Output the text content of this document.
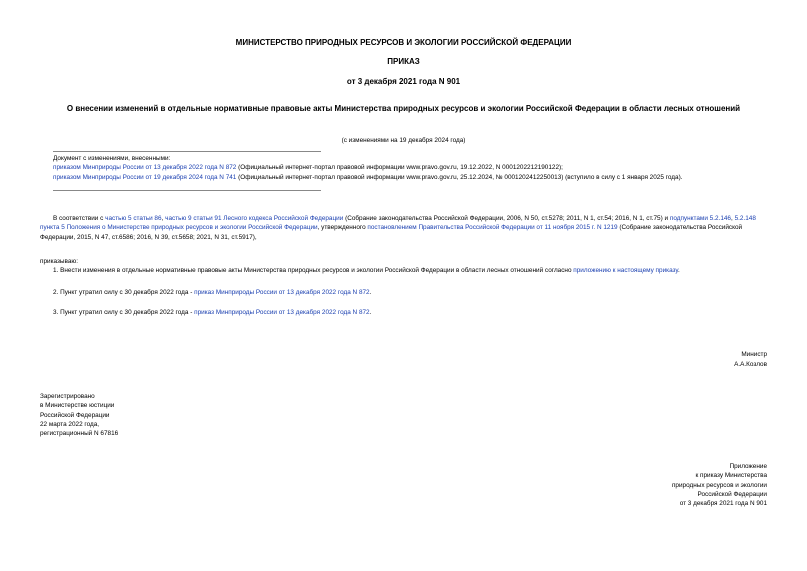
МИНИСТЕРСТВО ПРИРОДНЫХ РЕСУРСОВ И ЭКОЛОГИИ РОССИЙСКОЙ ФЕДЕРАЦИИ
ПРИКАЗ
от 3 декабря 2021 года N 901
О внесении изменений в отдельные нормативные правовые акты Министерства природных ресурсов и экологии Российской Федерации в области лесных отношений
(с изменениями на 19 декабря 2024 года)
Документ с изменениями, внесенными:
приказом Минприроды России от 13 декабря 2022 года N 872 (Официальный интернет-портал правовой информации www.pravo.gov.ru, 19.12.2022, N 0001202212190122);
приказом Минприроды России от 19 декабря 2024 года N 741 (Официальный интернет-портал правовой информации www.pravo.gov.ru, 25.12.2024, № 0001202412250013) (вступило в силу с 1 января 2025 года).
В соответствии с частью 5 статьи 86, частью 9 статьи 91 Лесного кодекса Российской Федерации (Собрание законодательства Российской Федерации, 2006, N 50, ст.5278; 2011, N 1, ст.54; 2016, N 1, ст.75) и подпунктами 5.2.146, 5.2.148 пункта 5 Положения о Министерстве природных ресурсов и экологии Российской Федерации, утвержденного постановлением Правительства Российской Федерации от 11 ноября 2015 г. N 1219 (Собрание законодательства Российской Федерации, 2015, N 47, ст.6586; 2016, N 39, ст.5658; 2021, N 31, ст.5917),
приказываю:
1. Внести изменения в отдельные нормативные правовые акты Министерства природных ресурсов и экологии Российской Федерации в области лесных отношений согласно приложению к настоящему приказу.
2. Пункт утратил силу с 30 декабря 2022 года - приказ Минприроды России от 13 декабря 2022 года N 872.
3. Пункт утратил силу с 30 декабря 2022 года - приказ Минприроды России от 13 декабря 2022 года N 872.
Министр
А.А.Козлов
Зарегистрировано
в Министерстве юстиции
Российской Федерации
22 марта 2022 года,
регистрационный N 67816
Приложение
к приказу Министерства
природных ресурсов и экологии
Российской Федерации
от 3 декабря 2021 года N 901
